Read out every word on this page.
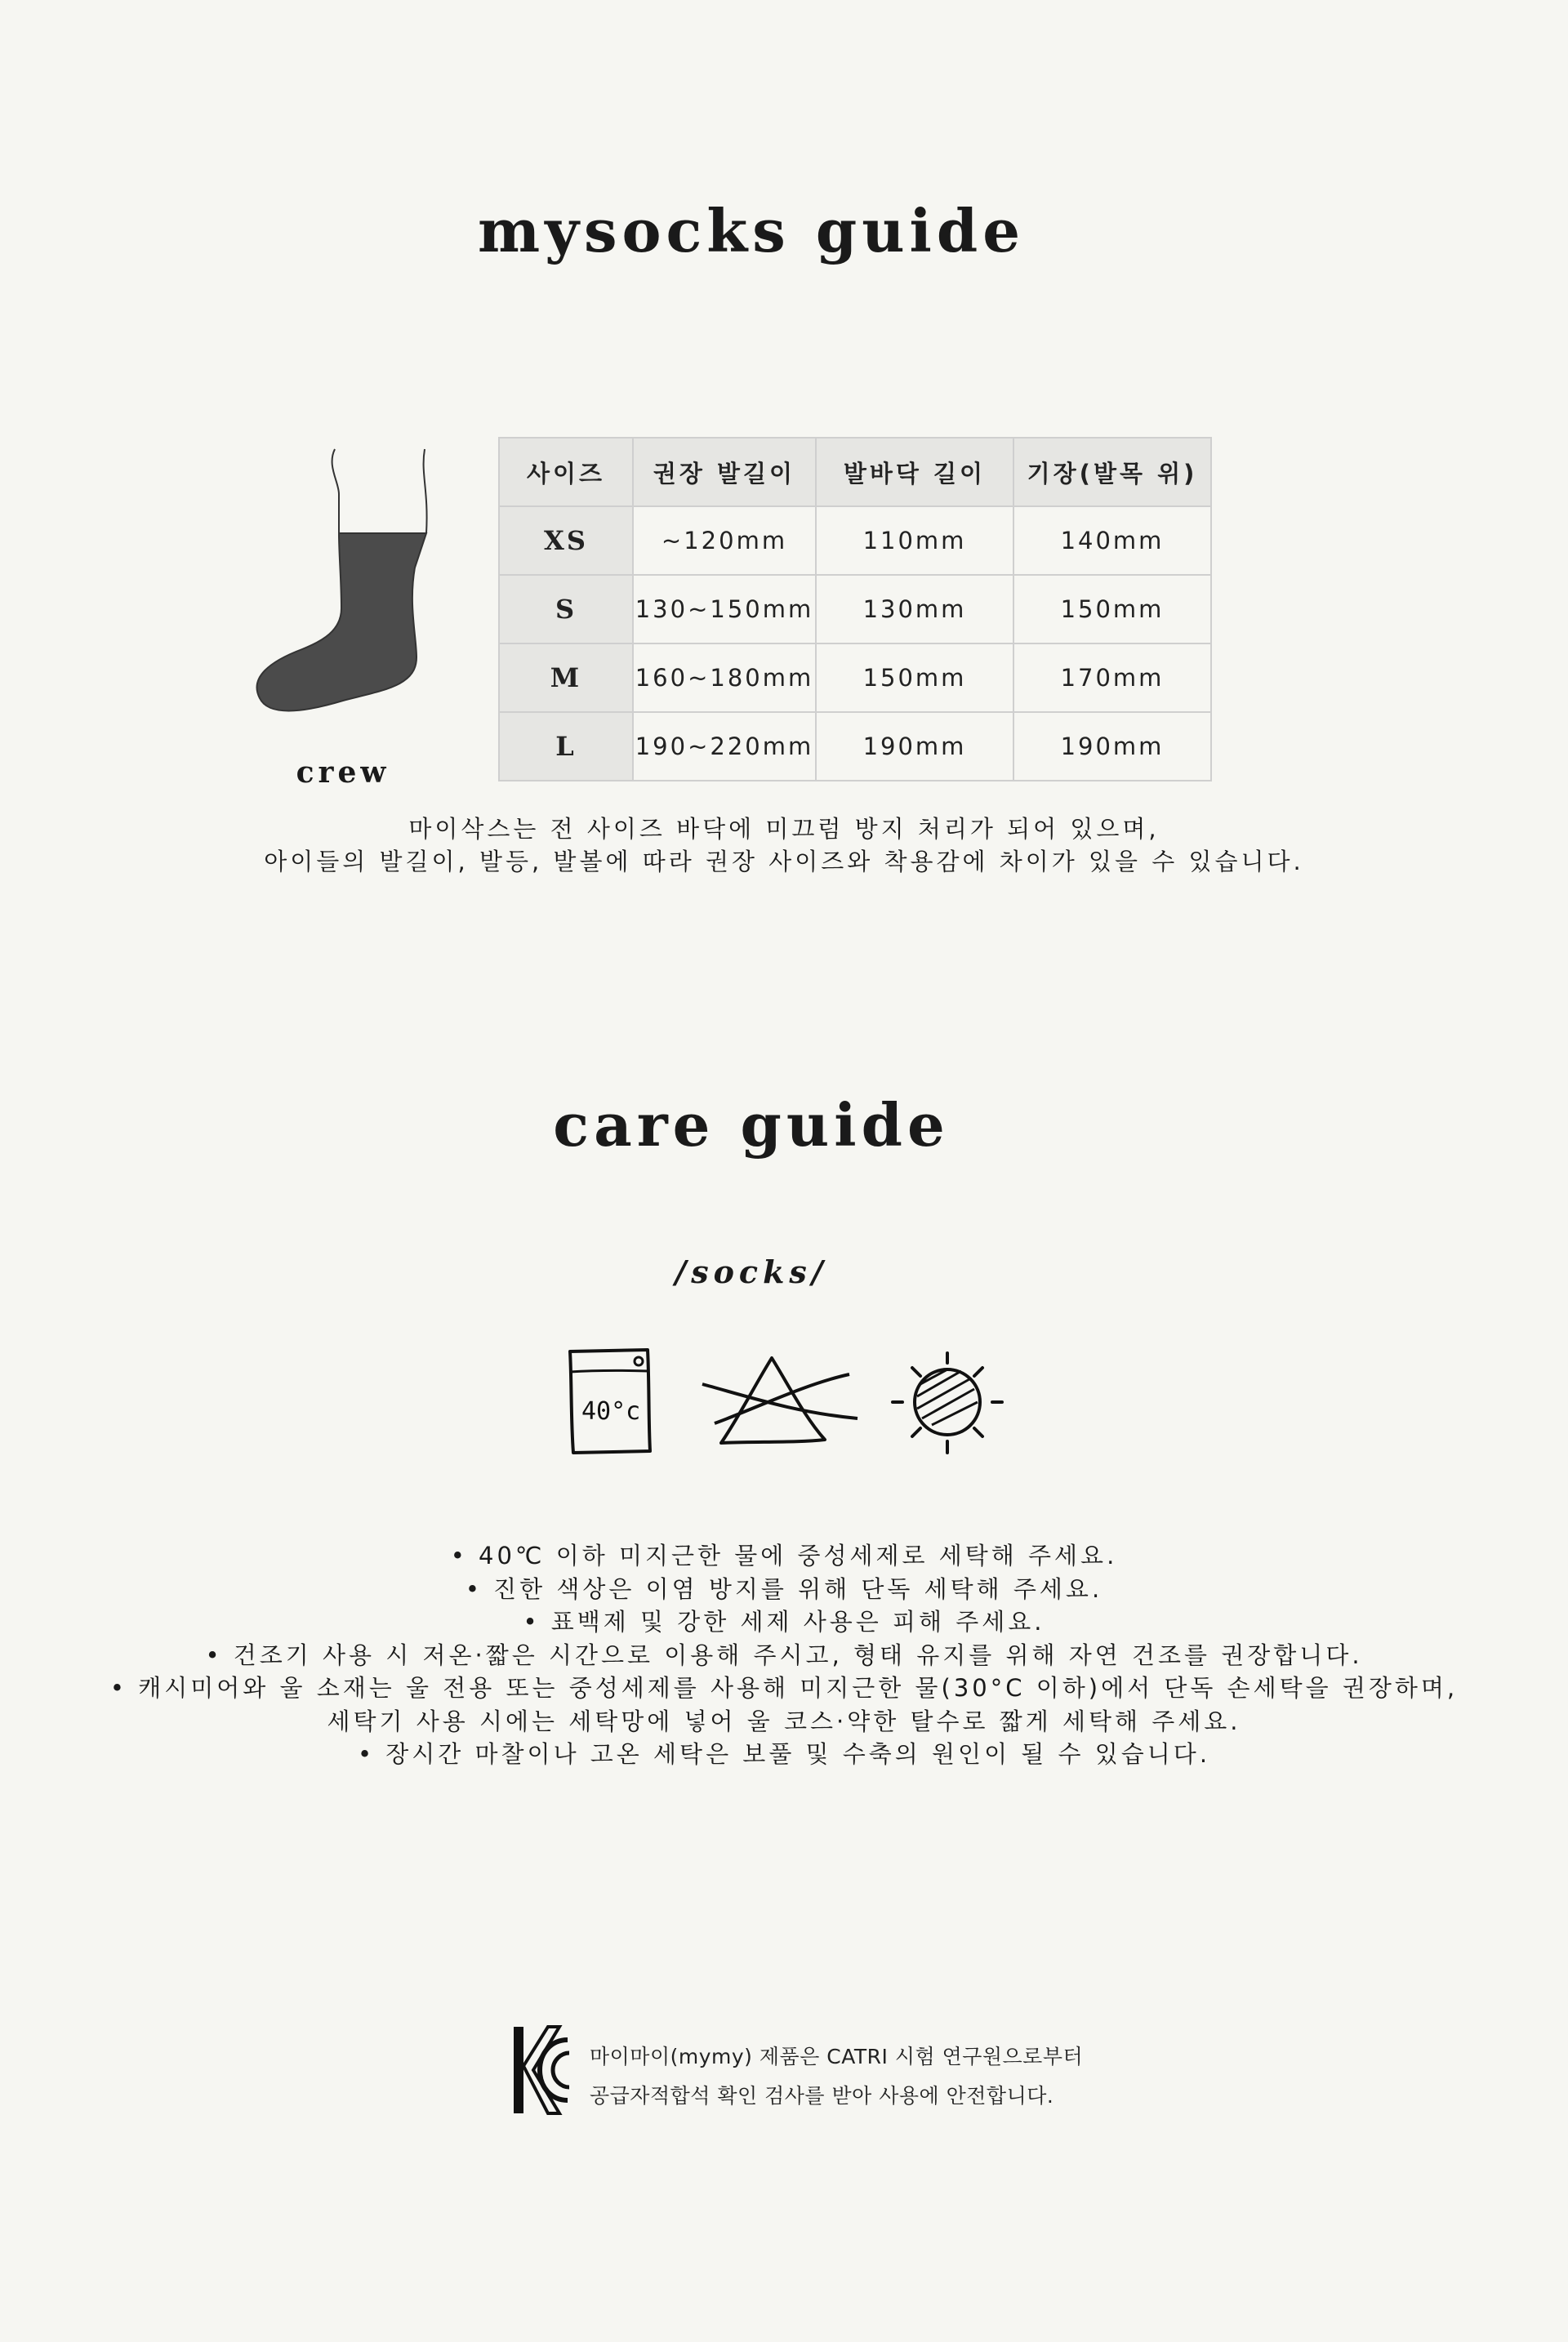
mysocks guide
crew
사이즈	권장 발길이	발바닥 길이	기장(발목 위)
XS	~120mm	110mm	140mm
S	130~150mm	130mm	150mm
M	160~180mm	150mm	170mm
L	190~220mm	190mm	190mm
마이삭스는 전 사이즈 바닥에 미끄럼 방지 처리가 되어 있으며,
아이들의 발길이, 발등, 발볼에 따라 권장 사이즈와 착용감에 차이가 있을 수 있습니다.
care guide
/socks/
40°c
• 40℃ 이하 미지근한 물에 중성세제로 세탁해 주세요.
• 진한 색상은 이염 방지를 위해 단독 세탁해 주세요.
• 표백제 및 강한 세제 사용은 피해 주세요.
• 건조기 사용 시 저온·짧은 시간으로 이용해 주시고, 형태 유지를 위해 자연 건조를 권장합니다.
• 캐시미어와 울 소재는 울 전용 또는 중성세제를 사용해 미지근한 물(30°C 이하)에서 단독 손세탁을 권장하며,
세탁기 사용 시에는 세탁망에 넣어 울 코스·약한 탈수로 짧게 세탁해 주세요.
• 장시간 마찰이나 고온 세탁은 보풀 및 수축의 원인이 될 수 있습니다.
마이마이(mymy) 제품은 CATRI 시험 연구원으로부터
공급자적합석 확인 검사를 받아 사용에 안전합니다.
